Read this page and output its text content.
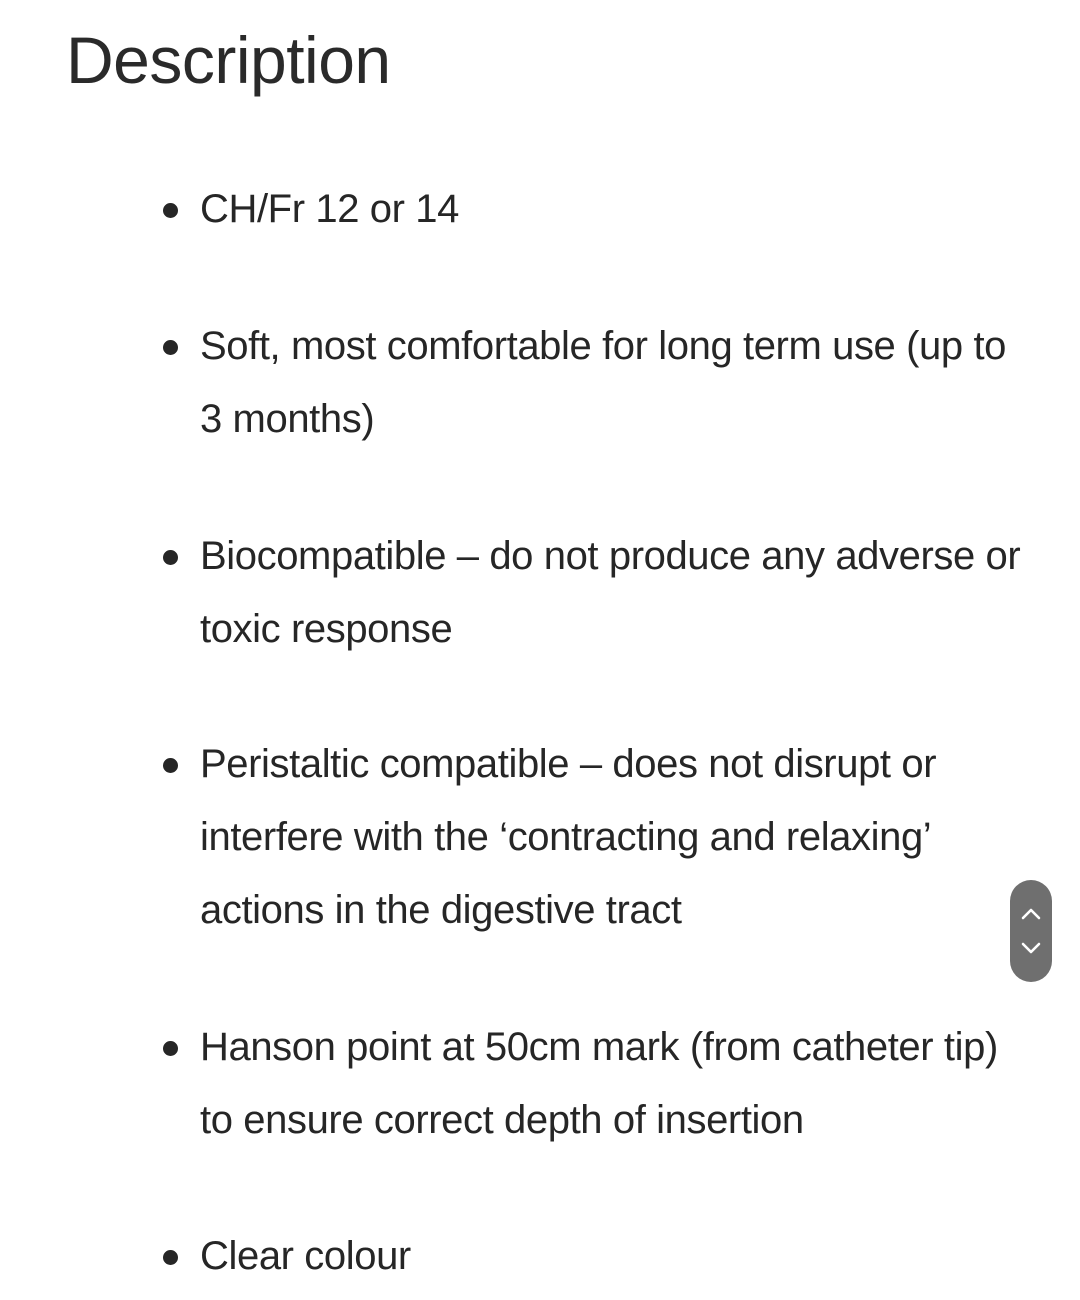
Description
CH/Fr 12 or 14
Soft, most comfortable for long term use (up to 3 months)
Biocompatible – do not produce any adverse or toxic response
Peristaltic compatible – does not disrupt or interfere with the ‘contracting and relaxing’ actions in the digestive tract
Hanson point at 50cm mark (from catheter tip) to ensure correct depth of insertion
Clear colour
